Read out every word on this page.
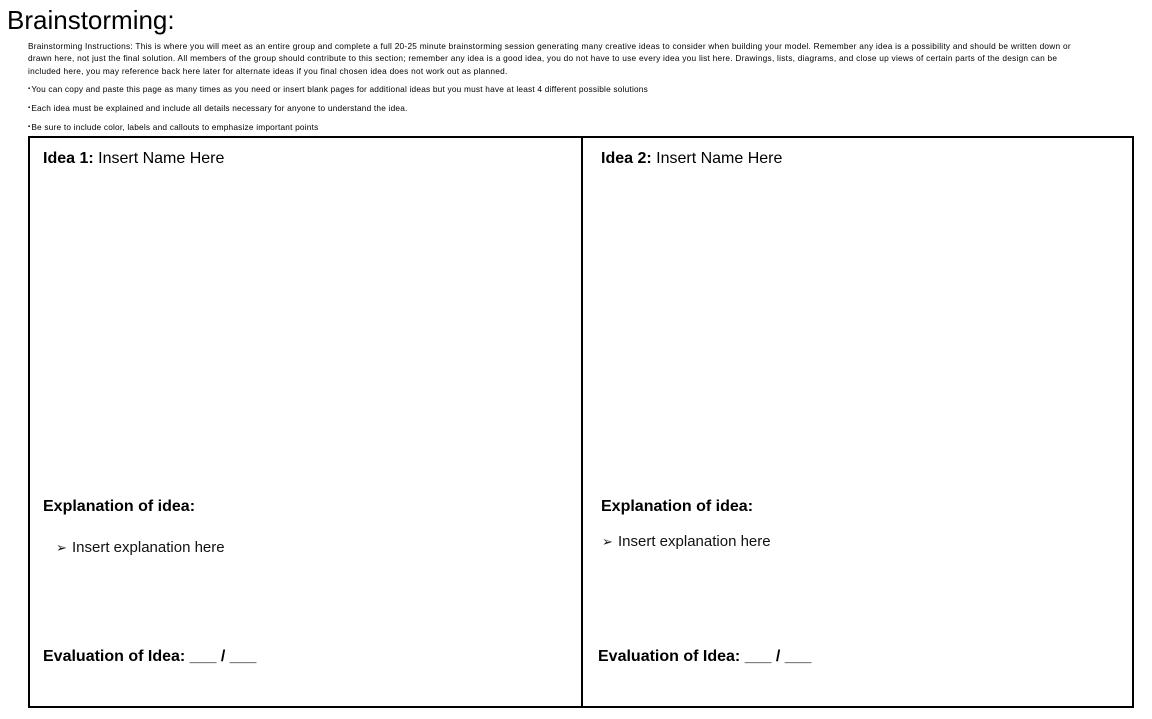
Brainstorming:
Brainstorming Instructions: This is where you will meet as an entire group and complete a full 20-25 minute brainstorming session generating many creative ideas to consider when building your model. Remember any idea is a possibility and should be written down or drawn here, not just the final solution. All members of the group should contribute to this section; remember any idea is a good idea, you do not have to use every idea you list here. Drawings, lists, diagrams, and close up views of certain parts of the design can be included here, you may reference back here later for alternate ideas if you final chosen idea does not work out as planned.
▪You can copy and paste this page as many times as you need or insert blank pages for additional ideas but you must have at least 4 different possible solutions
▪Each idea must be explained and include all details necessary for anyone to understand the idea.
▪Be sure to include color, labels and callouts to emphasize important points
Idea 1: Insert Name Here
Explanation of idea:
➢ Insert explanation here
Evaluation of Idea: ___ / ___
Idea 2: Insert Name Here
Explanation of idea:
➢ Insert explanation here
Evaluation of Idea: ___ / ___
